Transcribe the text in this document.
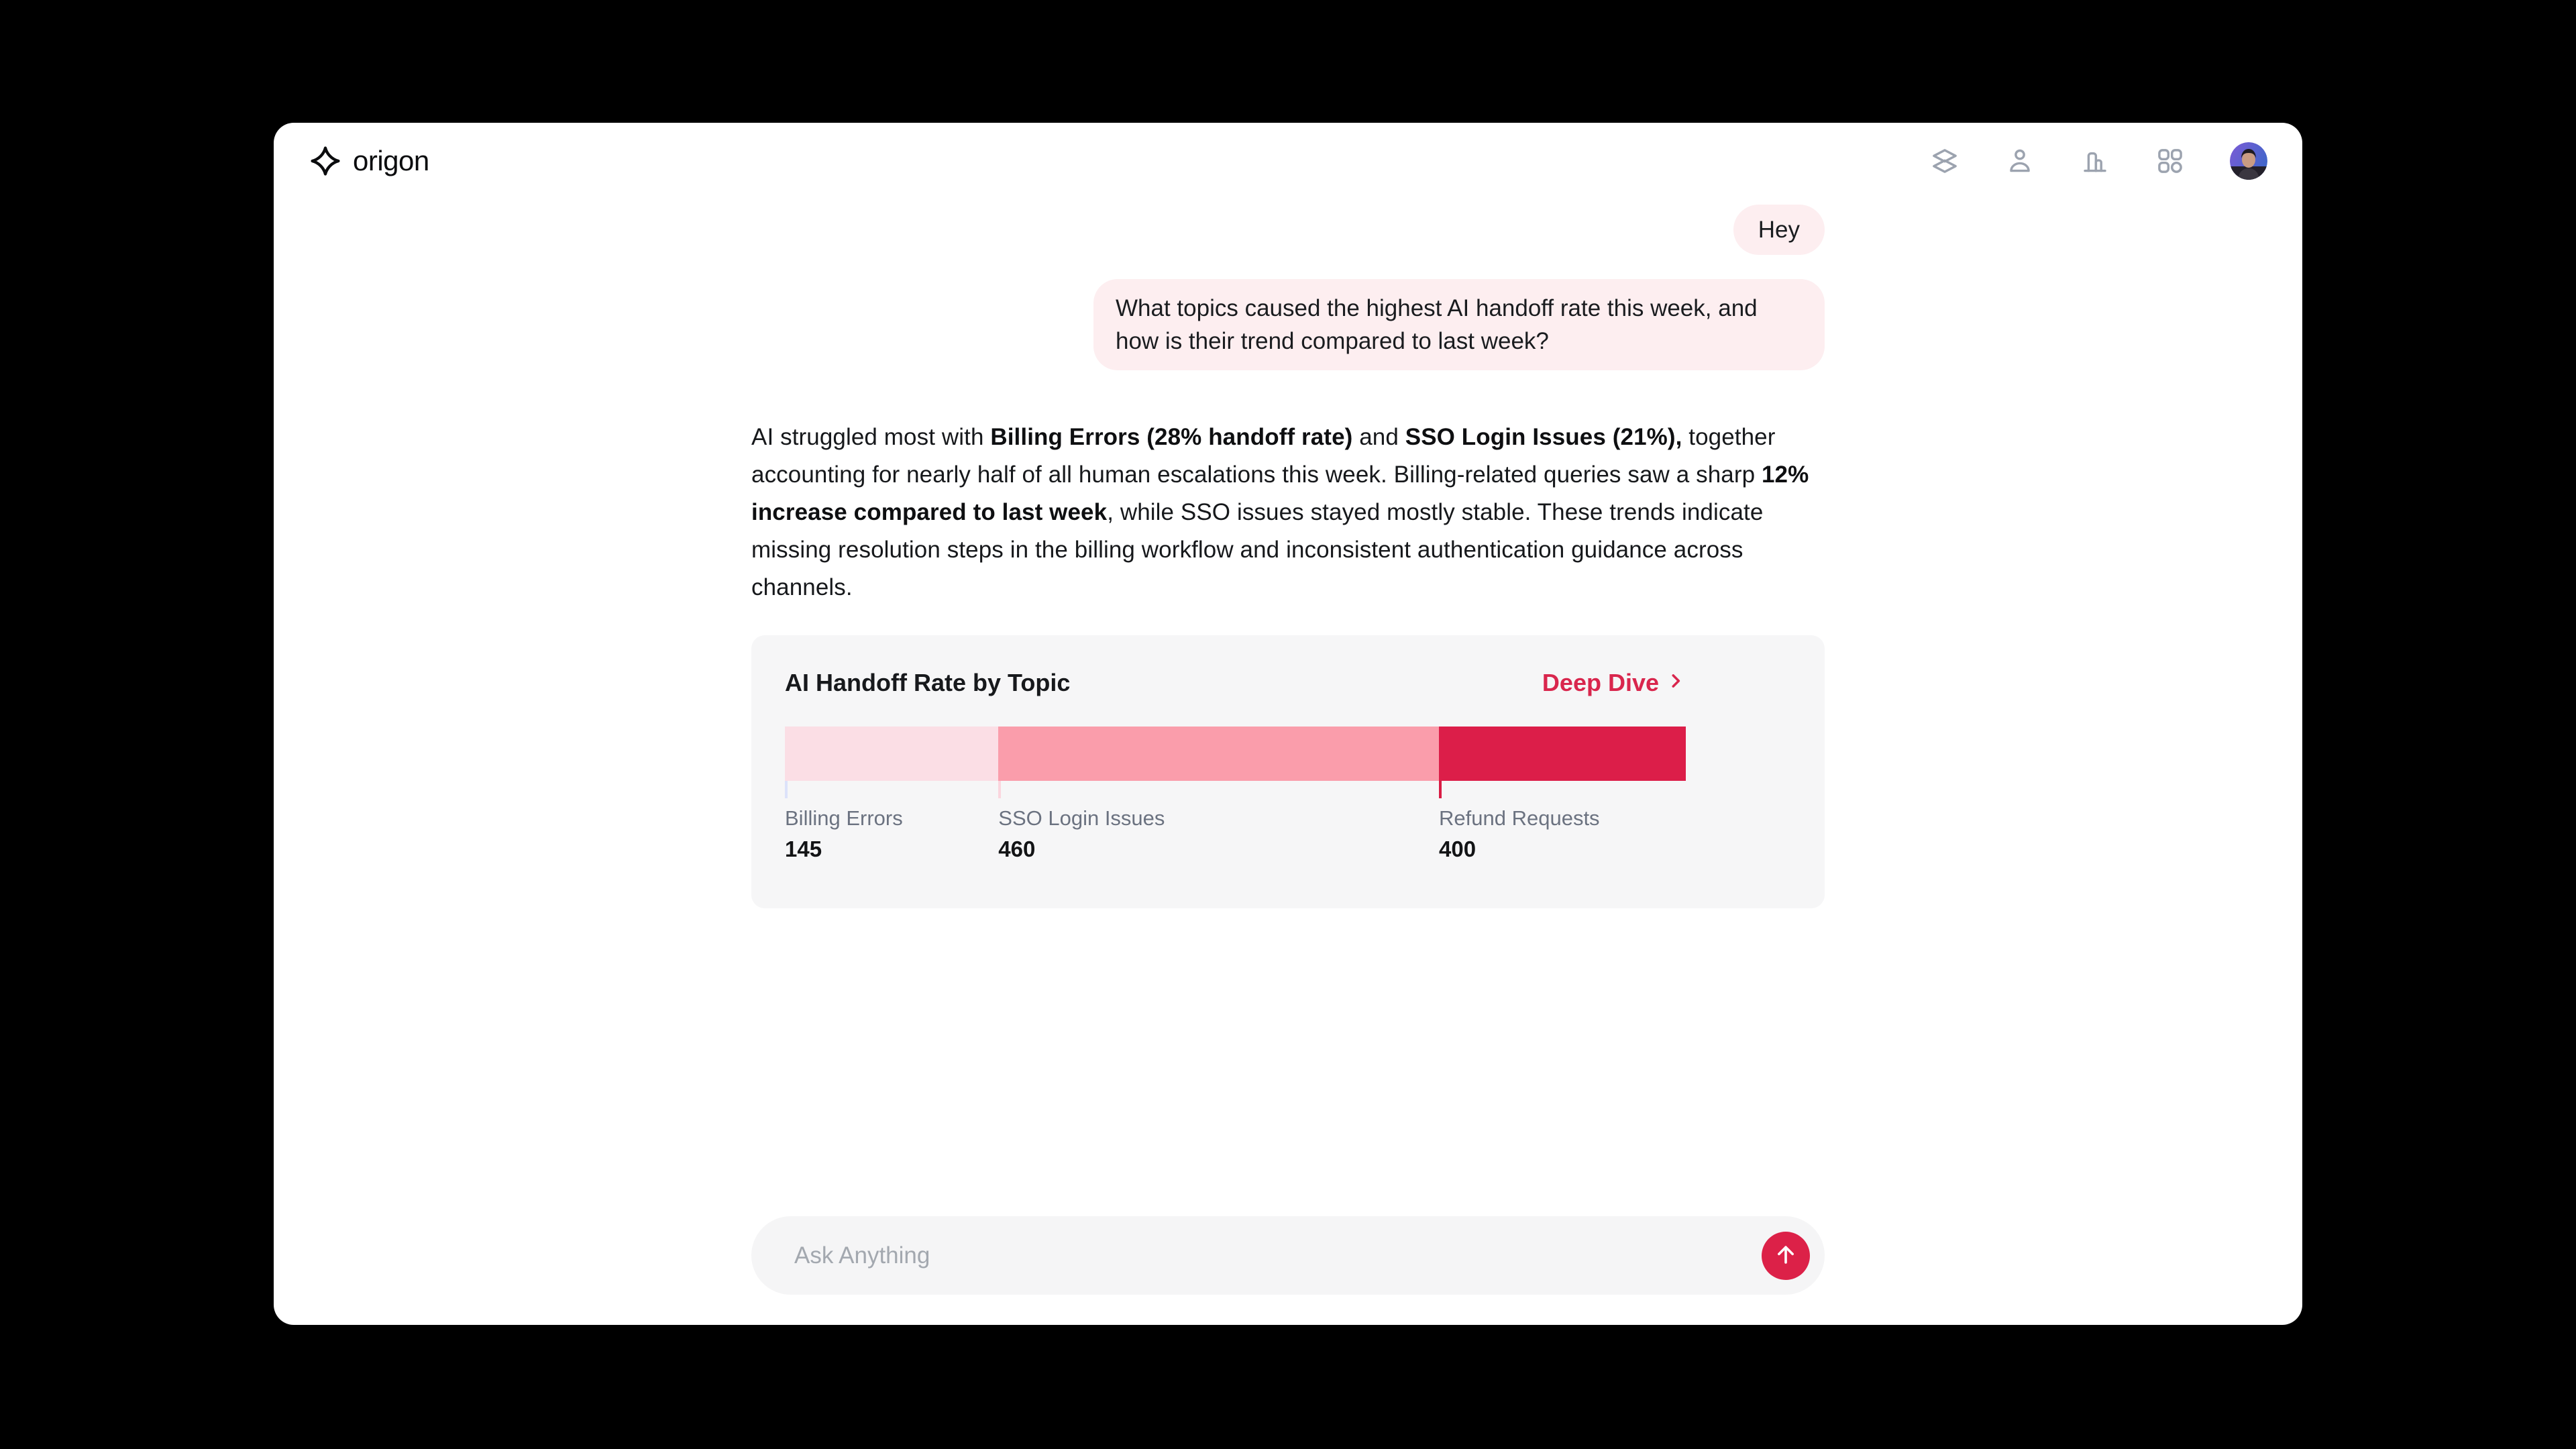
origon
Hey
What topics caused the highest AI handoff rate this week, and how is their trend compared to last week?
AI struggled most with Billing Errors (28% handoff rate) and SSO Login Issues (21%), together accounting for nearly half of all human escalations this week. Billing-related queries saw a sharp 12% increase compared to last week, while SSO issues stayed mostly stable. These trends indicate missing resolution steps in the billing workflow and inconsistent authentication guidance across channels.
AI Handoff Rate by Topic	Deep Dive
Billing Errors
145
SSO Login Issues
460
Refund Requests
400
Ask Anything
